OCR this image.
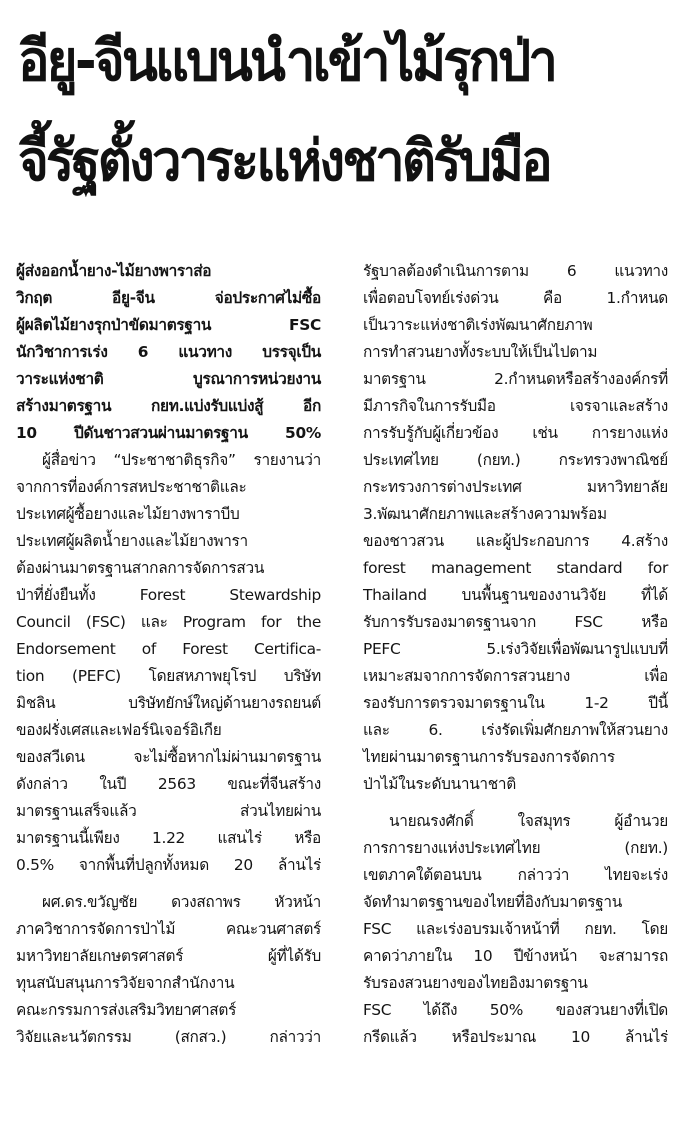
อียู-จีนแบนนำเข้าไม้รุกป่า
จี้รัฐตั้งวาระแห่งชาติรับมือ
ผู้ส่งออกน้ำยาง-ไม้ยางพาราส่อ
วิกฤต อียู-จีน จ่อประกาศไม่ซื้อ
ผู้ผลิตไม้ยางรุกป่าขัดมาตรฐาน FSC
นักวิชาการเร่ง 6 แนวทาง บรรจุเป็น
วาระแห่งชาติ บูรณาการหน่วยงาน
สร้างมาตรฐาน กยท.แบ่งรับแบ่งสู้ อีก
10 ปีดันชาวสวนผ่านมาตรฐาน 50%
ผู้สื่อข่าว “ประชาชาติธุรกิจ” รายงานว่า
จากการที่องค์การสหประชาชาติและ
ประเทศผู้ซื้อยางและไม้ยางพาราบีบ
ประเทศผู้ผลิตน้ำยางและไม้ยางพารา
ต้องผ่านมาตรฐานสากลการจัดการสวน
ป่าที่ยั่งยืนทั้ง Forest Stewardship
Council (FSC) และ Program for the
Endorsement of Forest Certifica-
tion (PEFC) โดยสหภาพยุโรป บริษัท
มิชลิน บริษัทยักษ์ใหญ่ด้านยางรถยนต์
ของฝรั่งเศสและเฟอร์นิเจอร์อิเกีย
ของสวีเดน จะไม่ซื้อหากไม่ผ่านมาตรฐาน
ดังกล่าว ในปี 2563 ขณะที่จีนสร้าง
มาตรฐานเสร็จแล้ว ส่วนไทยผ่าน
มาตรฐานนี้เพียง 1.22 แสนไร่ หรือ
0.5% จากพื้นที่ปลูกทั้งหมด 20 ล้านไร่
ผศ.ดร.ขวัญชัย ดวงสถาพร หัวหน้า
ภาควิชาการจัดการป่าไม้ คณะวนศาสตร์
มหาวิทยาลัยเกษตรศาสตร์ ผู้ที่ได้รับ
ทุนสนับสนุนการวิจัยจากสำนักงาน
คณะกรรมการส่งเสริมวิทยาศาสตร์
วิจัยและนวัตกรรม (สกสว.) กล่าวว่า
รัฐบาลต้องดำเนินการตาม 6 แนวทาง
เพื่อตอบโจทย์เร่งด่วน คือ 1.กำหนด
เป็นวาระแห่งชาติเร่งพัฒนาศักยภาพ
การทำสวนยางทั้งระบบให้เป็นไปตาม
มาตรฐาน 2.กำหนดหรือสร้างองค์กรที่
มีภารกิจในการรับมือ เจรจาและสร้าง
การรับรู้กับผู้เกี่ยวข้อง เช่น การยางแห่ง
ประเทศไทย (กยท.) กระทรวงพาณิชย์
กระทรวงการต่างประเทศ มหาวิทยาลัย
3.พัฒนาศักยภาพและสร้างความพร้อม
ของชาวสวน และผู้ประกอบการ 4.สร้าง
forest management standard for
Thailand บนพื้นฐานของงานวิจัย ที่ได้
รับการรับรองมาตรฐานจาก FSC หรือ
PEFC 5.เร่งวิจัยเพื่อพัฒนารูปแบบที่
เหมาะสมจากการจัดการสวนยาง เพื่อ
รองรับการตรวจมาตรฐานใน 1-2 ปีนี้
และ 6. เร่งรัดเพิ่มศักยภาพให้สวนยาง
ไทยผ่านมาตรฐานการรับรองการจัดการ
ป่าไม้ในระดับนานาชาติ
นายณรงศักดิ์ ใจสมุทร ผู้อำนวย
การการยางแห่งประเทศไทย (กยท.)
เขตภาคใต้ตอนบน กล่าวว่า ไทยจะเร่ง
จัดทำมาตรฐานของไทยที่อิงกับมาตรฐาน
FSC และเร่งอบรมเจ้าหน้าที่ กยท. โดย
คาดว่าภายใน 10 ปีข้างหน้า จะสามารถ
รับรองสวนยางของไทยอิงมาตรฐาน
FSC ได้ถึง 50% ของสวนยางที่เปิด
กรีดแล้ว หรือประมาณ 10 ล้านไร่
